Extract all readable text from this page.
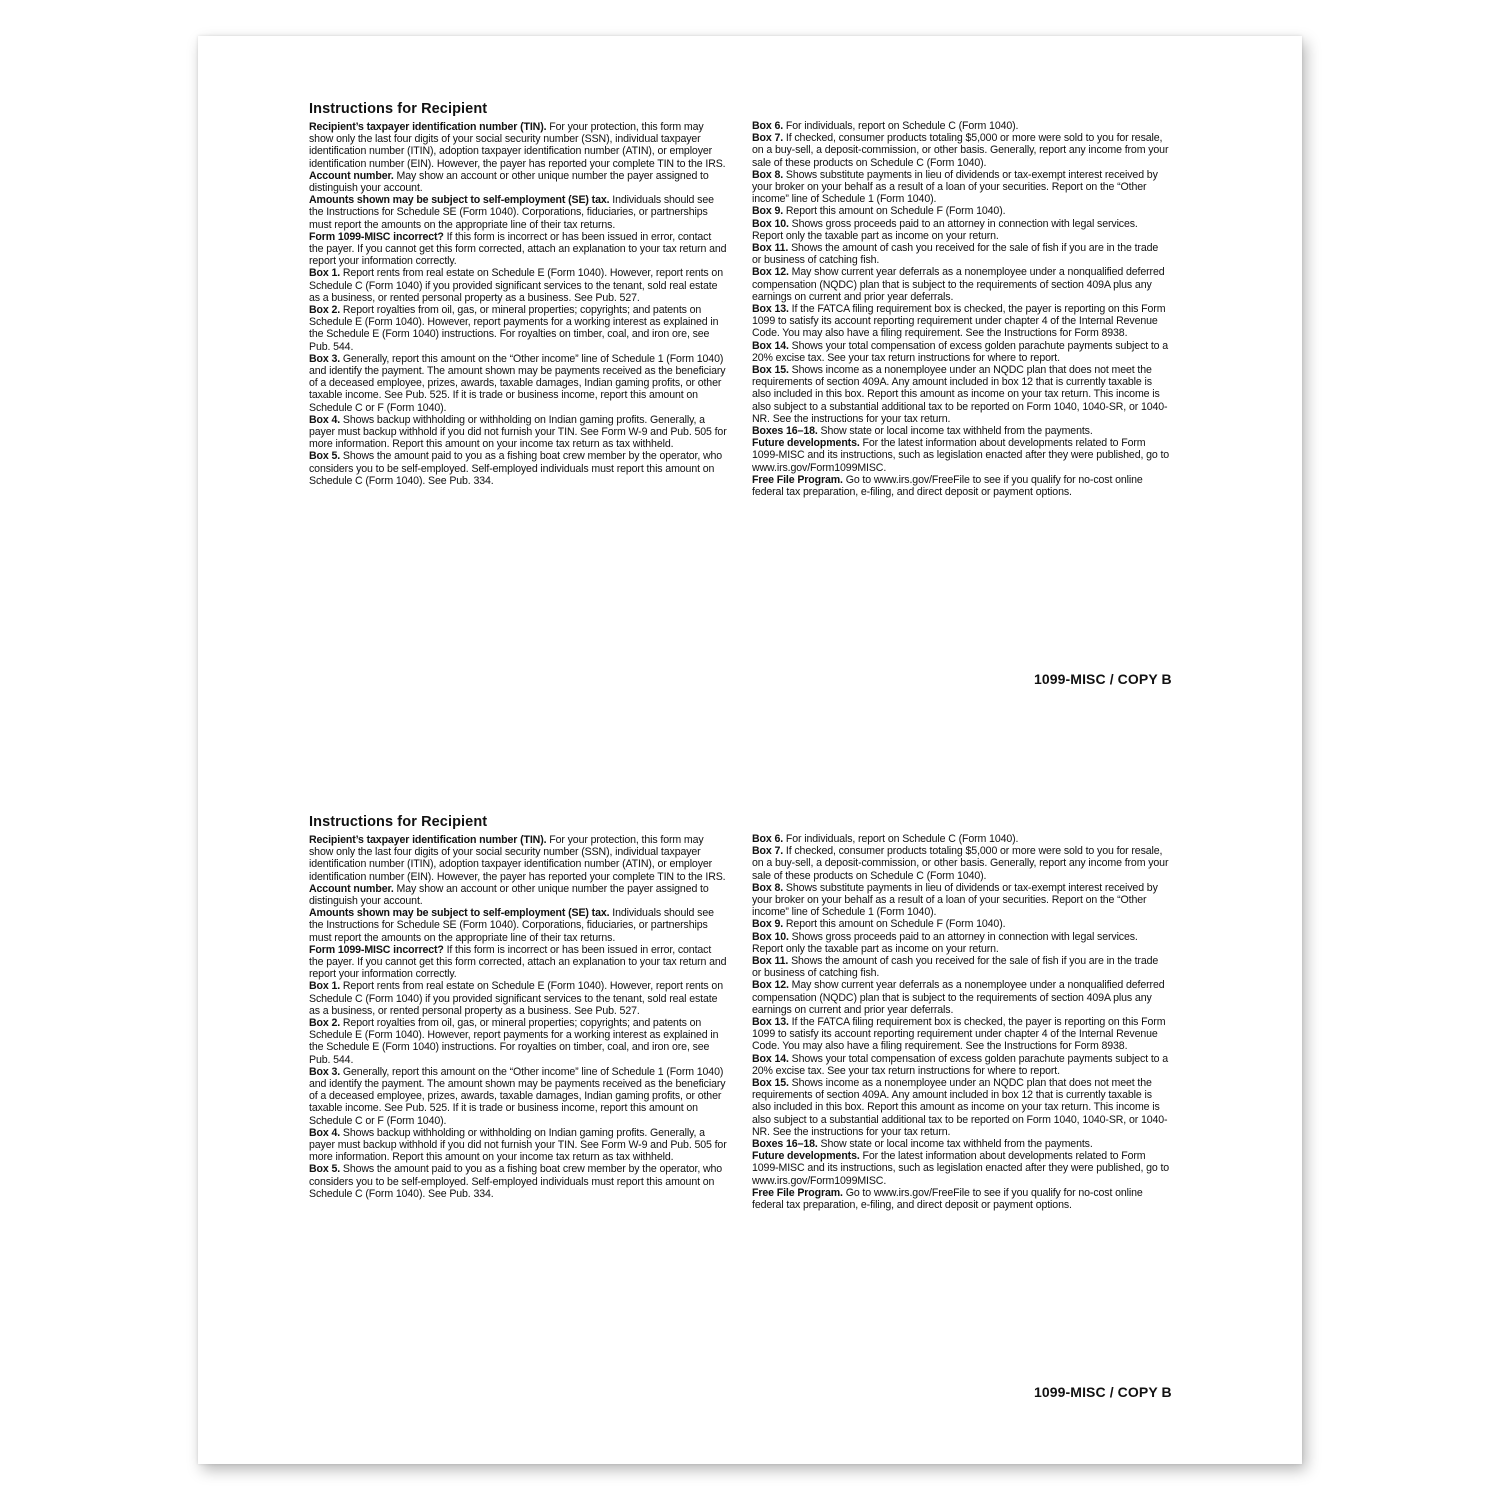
Instructions for Recipient

Recipient’s taxpayer identification number (TIN). For your protection, this form may show only the last four digits of your social security number (SSN), individual taxpayer identification number (ITIN), adoption taxpayer identification number (ATIN), or employer identification number (EIN). However, the payer has reported your complete TIN to the IRS.

Account number. May show an account or other unique number the payer assigned to distinguish your account.

Amounts shown may be subject to self-employment (SE) tax. Individuals should see the Instructions for Schedule SE (Form 1040). Corporations, fiduciaries, or partnerships must report the amounts on the appropriate line of their tax returns.

Form 1099-MISC incorrect? If this form is incorrect or has been issued in error, contact the payer. If you cannot get this form corrected, attach an explanation to your tax return and report your information correctly.

Box 1. Report rents from real estate on Schedule E (Form 1040). However, report rents on Schedule C (Form 1040) if you provided significant services to the tenant, sold real estate as a business, or rented personal property as a business. See Pub. 527.

Box 2. Report royalties from oil, gas, or mineral properties; copyrights; and patents on Schedule E (Form 1040). However, report payments for a working interest as explained in the Schedule E (Form 1040) instructions. For royalties on timber, coal, and iron ore, see Pub. 544.

Box 3. Generally, report this amount on the “Other income” line of Schedule 1 (Form 1040) and identify the payment. The amount shown may be payments received as the beneficiary of a deceased employee, prizes, awards, taxable damages, Indian gaming profits, or other taxable income. See Pub. 525. If it is trade or business income, report this amount on Schedule C or F (Form 1040).

Box 4. Shows backup withholding or withholding on Indian gaming profits. Generally, a payer must backup withhold if you did not furnish your TIN. See Form W-9 and Pub. 505 for more information. Report this amount on your income tax return as tax withheld.

Box 5. Shows the amount paid to you as a fishing boat crew member by the operator, who considers you to be self-employed. Self-employed individuals must report this amount on Schedule C (Form 1040). See Pub. 334.

Box 6. For individuals, report on Schedule C (Form 1040).

Box 7. If checked, consumer products totaling $5,000 or more were sold to you for resale, on a buy-sell, a deposit-commission, or other basis. Generally, report any income from your sale of these products on Schedule C (Form 1040).

Box 8. Shows substitute payments in lieu of dividends or tax-exempt interest received by your broker on your behalf as a result of a loan of your securities. Report on the “Other income” line of Schedule 1 (Form 1040).

Box 9. Report this amount on Schedule F (Form 1040).

Box 10. Shows gross proceeds paid to an attorney in connection with legal services. Report only the taxable part as income on your return.

Box 11. Shows the amount of cash you received for the sale of fish if you are in the trade or business of catching fish.

Box 12. May show current year deferrals as a nonemployee under a nonqualified deferred compensation (NQDC) plan that is subject to the requirements of section 409A plus any earnings on current and prior year deferrals.

Box 13. If the FATCA filing requirement box is checked, the payer is reporting on this Form 1099 to satisfy its account reporting requirement under chapter 4 of the Internal Revenue Code. You may also have a filing requirement. See the Instructions for Form 8938.

Box 14. Shows your total compensation of excess golden parachute payments subject to a 20% excise tax. See your tax return instructions for where to report.

Box 15. Shows income as a nonemployee under an NQDC plan that does not meet the requirements of section 409A. Any amount included in box 12 that is currently taxable is also included in this box. Report this amount as income on your tax return. This income is also subject to a substantial additional tax to be reported on Form 1040, 1040-SR, or 1040-NR. See the instructions for your tax return.

Boxes 16–18. Show state or local income tax withheld from the payments.

Future developments. For the latest information about developments related to Form 1099-MISC and its instructions, such as legislation enacted after they were published, go to www.irs.gov/Form1099MISC.

Free File Program. Go to www.irs.gov/FreeFile to see if you qualify for no-cost online federal tax preparation, e-filing, and direct deposit or payment options.

1099-MISC / COPY B
Instructions for Recipient

Recipient’s taxpayer identification number (TIN). For your protection, this form may show only the last four digits of your social security number (SSN), individual taxpayer identification number (ITIN), adoption taxpayer identification number (ATIN), or employer identification number (EIN). However, the payer has reported your complete TIN to the IRS.

Account number. May show an account or other unique number the payer assigned to distinguish your account.

Amounts shown may be subject to self-employment (SE) tax. Individuals should see the Instructions for Schedule SE (Form 1040). Corporations, fiduciaries, or partnerships must report the amounts on the appropriate line of their tax returns.

Form 1099-MISC incorrect? If this form is incorrect or has been issued in error, contact the payer. If you cannot get this form corrected, attach an explanation to your tax return and report your information correctly.

Box 1. Report rents from real estate on Schedule E (Form 1040). However, report rents on Schedule C (Form 1040) if you provided significant services to the tenant, sold real estate as a business, or rented personal property as a business. See Pub. 527.

Box 2. Report royalties from oil, gas, or mineral properties; copyrights; and patents on Schedule E (Form 1040). However, report payments for a working interest as explained in the Schedule E (Form 1040) instructions. For royalties on timber, coal, and iron ore, see Pub. 544.

Box 3. Generally, report this amount on the “Other income” line of Schedule 1 (Form 1040) and identify the payment. The amount shown may be payments received as the beneficiary of a deceased employee, prizes, awards, taxable damages, Indian gaming profits, or other taxable income. See Pub. 525. If it is trade or business income, report this amount on Schedule C or F (Form 1040).

Box 4. Shows backup withholding or withholding on Indian gaming profits. Generally, a payer must backup withhold if you did not furnish your TIN. See Form W-9 and Pub. 505 for more information. Report this amount on your income tax return as tax withheld.

Box 5. Shows the amount paid to you as a fishing boat crew member by the operator, who considers you to be self-employed. Self-employed individuals must report this amount on Schedule C (Form 1040). See Pub. 334.

Box 6. For individuals, report on Schedule C (Form 1040).

Box 7. If checked, consumer products totaling $5,000 or more were sold to you for resale, on a buy-sell, a deposit-commission, or other basis. Generally, report any income from your sale of these products on Schedule C (Form 1040).

Box 8. Shows substitute payments in lieu of dividends or tax-exempt interest received by your broker on your behalf as a result of a loan of your securities. Report on the “Other income” line of Schedule 1 (Form 1040).

Box 9. Report this amount on Schedule F (Form 1040).

Box 10. Shows gross proceeds paid to an attorney in connection with legal services. Report only the taxable part as income on your return.

Box 11. Shows the amount of cash you received for the sale of fish if you are in the trade or business of catching fish.

Box 12. May show current year deferrals as a nonemployee under a nonqualified deferred compensation (NQDC) plan that is subject to the requirements of section 409A plus any earnings on current and prior year deferrals.

Box 13. If the FATCA filing requirement box is checked, the payer is reporting on this Form 1099 to satisfy its account reporting requirement under chapter 4 of the Internal Revenue Code. You may also have a filing requirement. See the Instructions for Form 8938.

Box 14. Shows your total compensation of excess golden parachute payments subject to a 20% excise tax. See your tax return instructions for where to report.

Box 15. Shows income as a nonemployee under an NQDC plan that does not meet the requirements of section 409A. Any amount included in box 12 that is currently taxable is also included in this box. Report this amount as income on your tax return. This income is also subject to a substantial additional tax to be reported on Form 1040, 1040-SR, or 1040-NR. See the instructions for your tax return.

Boxes 16–18. Show state or local income tax withheld from the payments.

Future developments. For the latest information about developments related to Form 1099-MISC and its instructions, such as legislation enacted after they were published, go to www.irs.gov/Form1099MISC.

Free File Program. Go to www.irs.gov/FreeFile to see if you qualify for no-cost online federal tax preparation, e-filing, and direct deposit or payment options.

1099-MISC / COPY B
